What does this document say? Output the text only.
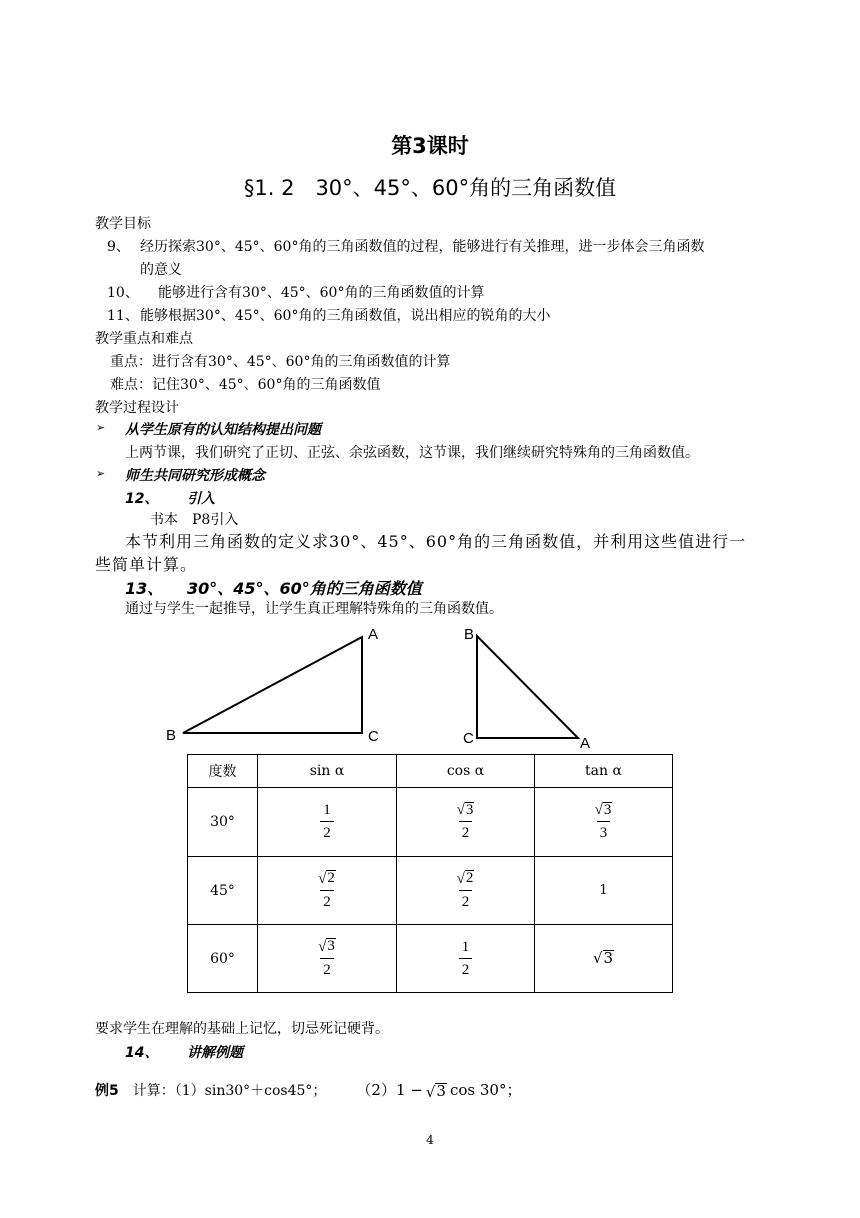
第3课时
§1. 2　30°、45°、60°角的三角函数值
教学目标
9、 经历探索30°、45°、60°角的三角函数值的过程，能够进行有关推理，进一步体会三角函数
的意义
10、 能够进行含有30°、45°、60°角的三角函数值的计算
11、 能够根据30°、45°、60°角的三角函数值，说出相应的锐角的大小
教学重点和难点
重点：进行含有30°、45°、60°角的三角函数值的计算
难点：记住30°、45°、60°角的三角函数值
教学过程设计
➢ 从学生原有的认知结构提出问题
上两节课，我们研究了正切、正弦、余弦函数，这节课，我们继续研究特殊角的三角函数值。
➢ 师生共同研究形成概念
12、 引入
书本　P8引入
本节利用三角函数的定义求30°、45°、60°角的三角函数值，并利用这些值进行一
些简单计算。
13、 30°、45°、60°角的三角函数值
通过与学生一起推导，让学生真正理解特殊角的三角函数值。
A
B	C
B
C	A
度数	sin α	cos α	tan α
30°	$\frac{1}{2}$	$\frac{√ 3}{2}$	$\frac{√ 3}{3}$

45°	$\frac{√ 2}{2}$	$\frac{√ 2}{2}$	1
60°	$\frac{√ 3}{2}$	$\frac{1}{2}$	√ 3
要求学生在理解的基础上记忆，切忌死记硬背。
14、 讲解例题
例5 计算：（1）sin30°＋cos45°； （2）1 − √ 3 cos 30°；
4
